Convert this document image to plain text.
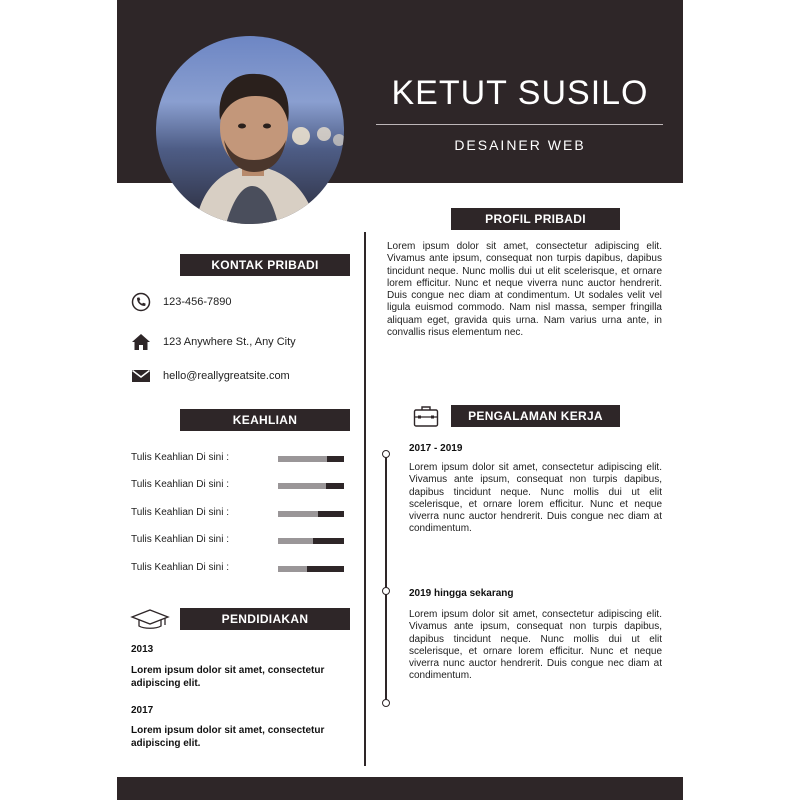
KETUT SUSILO
DESAINER WEB
PROFIL PRIBADI

Lorem ipsum dolor sit amet, consectetur adipiscing elit. Vivamus ante ipsum, consequat non turpis dapibus, dapibus tincidunt neque. Nunc mollis dui ut elit scelerisque, et ornare lorem efficitur. Nunc et neque viverra nunc auctor hendrerit. Duis congue nec diam at condimentum. Ut sodales velit vel ligula euismod commodo. Nam nisl massa, semper fringilla aliquam eget, gravida quis urna. Nam varius urna ante, in convallis risus elementum nec.

KONTAK PRIBADI
123-456-7890
123 Anywhere St., Any City
hello@reallygreatsite.com
KEAHLIAN
Tulis Keahlian Di sini :
Tulis Keahlian Di sini :
Tulis Keahlian Di sini :
Tulis Keahlian Di sini :
Tulis Keahlian Di sini :
PENDIDIAKAN
2013

Lorem ipsum dolor sit amet, consectetur adipiscing elit.

2017

Lorem ipsum dolor sit amet, consectetur adipiscing elit.

PENGALAMAN KERJA
2017 - 2019

Lorem ipsum dolor sit amet, consectetur adipiscing elit. Vivamus ante ipsum, consequat non turpis dapibus, dapibus tincidunt neque. Nunc mollis dui ut elit scelerisque, et ornare lorem efficitur. Nunc et neque viverra nunc auctor hendrerit. Duis congue nec diam at condimentum.

2019 hingga sekarang

Lorem ipsum dolor sit amet, consectetur adipiscing elit. Vivamus ante ipsum, consequat non turpis dapibus, dapibus tincidunt neque. Nunc mollis dui ut elit scelerisque, et ornare lorem efficitur. Nunc et neque viverra nunc auctor hendrerit. Duis congue nec diam at condimentum.
